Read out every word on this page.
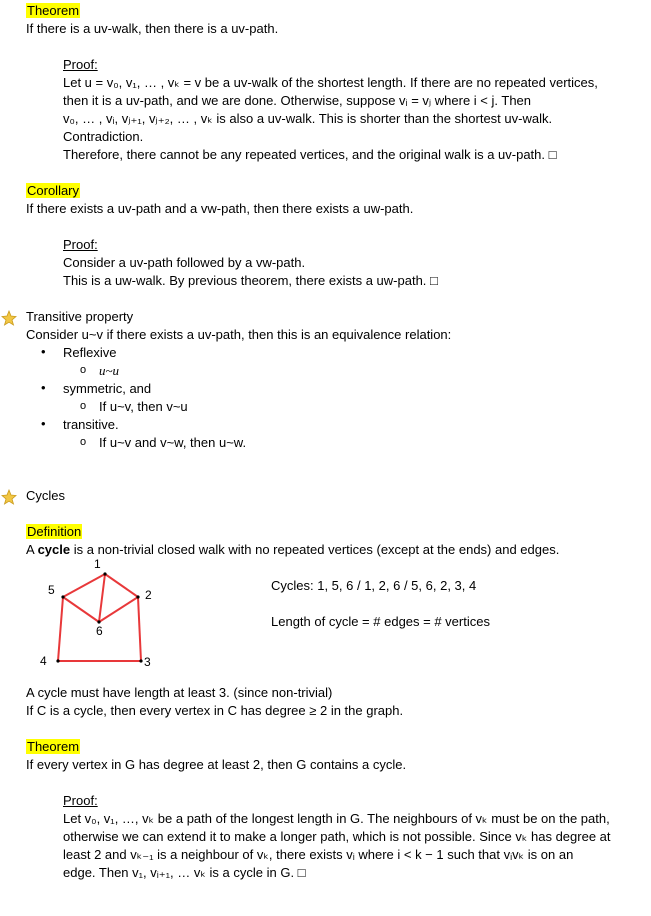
Theorem
If there is a uv-walk, then there is a uv-path.
Proof:
Let u = v₀, v₁, … , vₖ = v be a uv-walk of the shortest length. If there are no repeated vertices,
then it is a uv-path, and we are done. Otherwise, suppose vᵢ = vⱼ where i < j. Then
v₀, … , vᵢ, vⱼ₊₁, vⱼ₊₂, … , vₖ is also a uv-walk. This is shorter than the shortest uv-walk.
Contradiction.
Therefore, there cannot be any repeated vertices, and the original walk is a uv-path. □
Corollary
If there exists a uv-path and a vw-path, then there exists a uw-path.
Proof:
Consider a uv-path followed by a vw-path.
This is a uw-walk. By previous theorem, there exists a uw-path. □
Transitive property
Consider u~v if there exists a uv-path, then this is an equivalence relation:
• Reflexive
o u~u
• symmetric, and
o If u~v, then v~u
• transitive.
o If u~v and v~w, then u~w.
Cycles
Definition
A cycle is a non-trivial closed walk with no repeated vertices (except at the ends) and edges.
1
2
3
4
5
6
Cycles: 1, 5, 6 / 1, 2, 6 / 5, 6, 2, 3, 4
Length of cycle = # edges = # vertices
A cycle must have length at least 3. (since non-trivial)
If C is a cycle, then every vertex in C has degree ≥ 2 in the graph.
Theorem
If every vertex in G has degree at least 2, then G contains a cycle.
Proof:
Let v₀, v₁, …, vₖ be a path of the longest length in G. The neighbours of vₖ must be on the path,
otherwise we can extend it to make a longer path, which is not possible. Since vₖ has degree at
least 2 and vₖ₋₁ is a neighbour of vₖ, there exists vᵢ where i < k − 1 such that vᵢvₖ is on an
edge. Then v₁, vᵢ₊₁, … vₖ is a cycle in G. □
